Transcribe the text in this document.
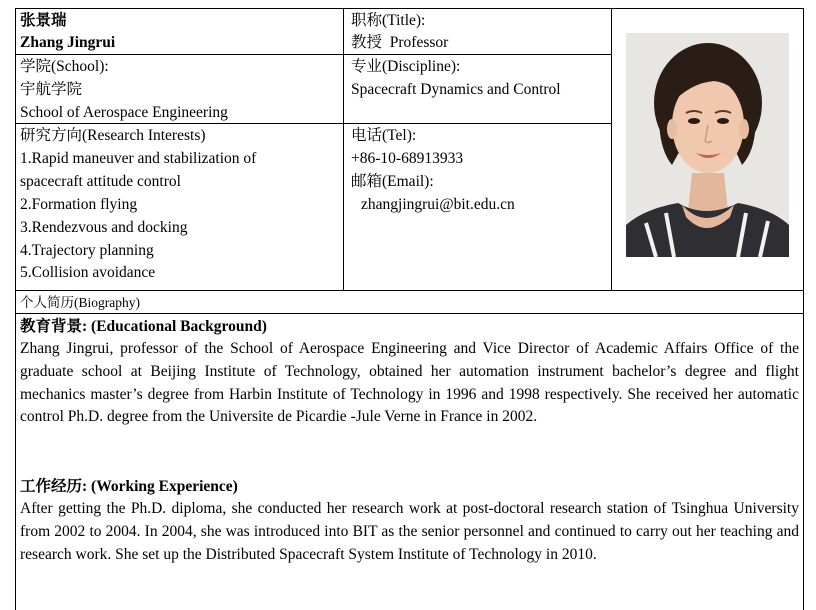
张景瑞
Zhang Jingrui
职称(Title):
教授  Professor
学院(School):
宇航学院
School of Aerospace Engineering
专业(Discipline):
Spacecraft Dynamics and Control
研究方向(Research Interests)
1.Rapid maneuver and stabilization of
spacecraft attitude control
2.Formation flying
3.Rendezvous and docking
4.Trajectory planning
5.Collision avoidance
电话(Tel):
+86-10-68913933
邮箱(Email):
zhangjingrui@bit.edu.cn
个人简历(Biography)
教育背景: (Educational Background)
Zhang Jingrui, professor of the School of Aerospace Engineering and Vice Director of Academic Affairs Office of the graduate school at Beijing Institute of Technology, obtained her automation instrument bachelor’s degree and flight mechanics master’s degree from Harbin Institute of Technology in 1996 and 1998 respectively. She received her automatic control Ph.D. degree from the Universite de Picardie -Jule Verne in France in 2002.
工作经历: (Working Experience)
After getting the Ph.D. diploma, she conducted her research work at post-doctoral research station of Tsinghua University from 2002 to 2004. In 2004, she was introduced into BIT as the senior personnel and continued to carry out her teaching and research work. She set up the Distributed Spacecraft System Institute of Technology in 2010.
